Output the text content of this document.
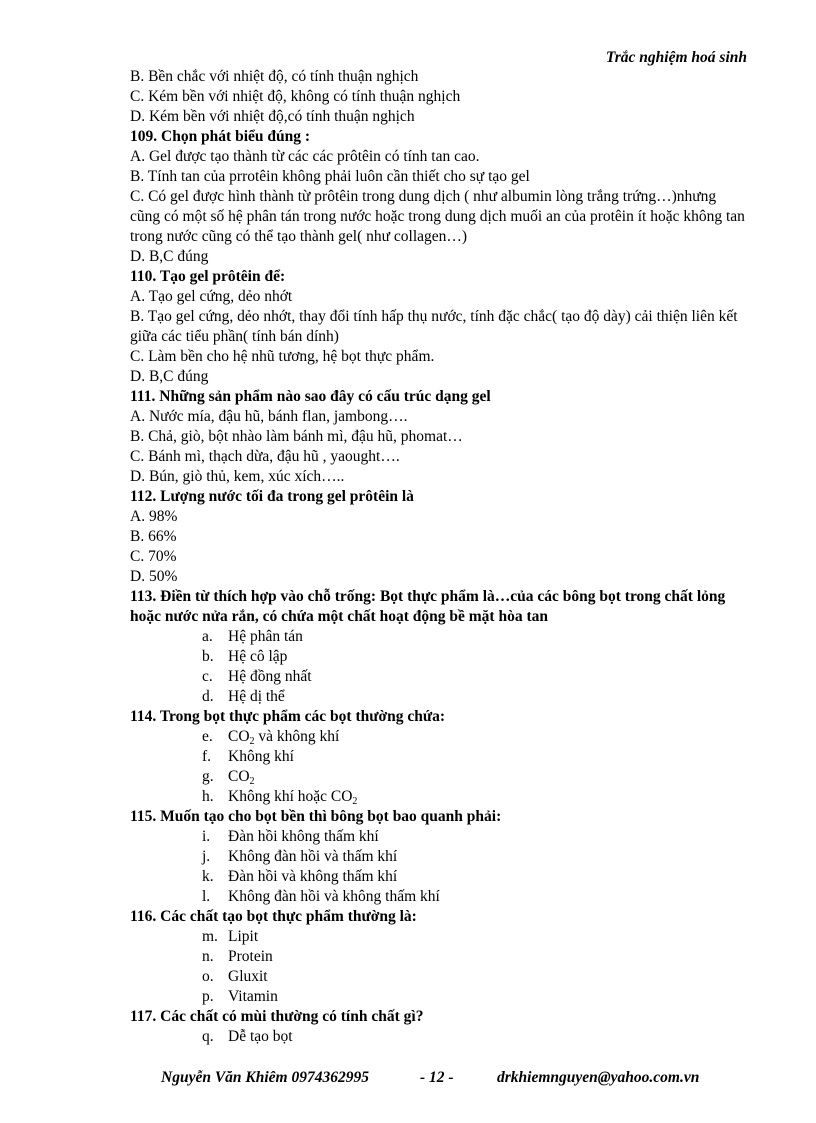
Trắc nghiệm hoá sinh
B. Bền chắc với nhiệt độ, có tính thuận nghịch
C. Kém bền với nhiệt độ, không có tính thuận nghịch
D. Kém bền với nhiệt độ,có tính thuận nghịch
109. Chọn phát biểu đúng :
A. Gel được tạo thành từ các các prôtêin có tính tan cao.
B. Tính tan của prrotêin không phải luôn cần thiết cho sự tạo gel
C. Có gel được hình thành từ prôtêin trong dung dịch ( như albumin lòng trắng trứng…)nhưng cũng có một số hệ phân tán trong nước hoặc trong dung dịch muối an của protêin ít hoặc không tan trong nước cũng có thể tạo thành gel( như collagen…)
D. B,C đúng
110. Tạo gel prôtêin để:
A. Tạo gel cứng, dẻo nhớt
B. Tạo gel cứng, dẻo nhớt, thay đổi tính hấp thụ nước, tính đặc chắc( tạo độ dày) cải thiện liên kết giữa các tiểu phần( tính bán dính)
C. Làm bền cho hệ nhũ tương, hệ bọt thực phẩm.
D. B,C đúng
111. Những sản phẩm nào sao đây có cấu trúc dạng gel
A. Nước mía, đậu hũ, bánh flan, jambong….
B. Chả, giò, bột nhào làm bánh mì, đậu hũ, phomat…
C. Bánh mì, thạch dừa, đậu hũ , yaought….
D. Bún, giò thủ, kem, xúc xích…..
112. Lượng nước tối đa trong gel prôtêin là
A. 98%
B. 66%
C. 70%
D. 50%
113. Điền từ thích hợp vào chỗ trống: Bọt thực phẩm là…của các bông bọt trong chất lỏng hoặc nước nửa rắn, có chứa một chất hoạt động bề mặt hòa tan
a. Hệ phân tán
b. Hệ cô lập
c. Hệ đồng nhất
d. Hệ dị thể
114. Trong bọt thực phẩm các bọt thường chứa:
e. $CO_2$ và không khí
f. Không khí
g. $CO_2$
h. Không khí hoặc $CO_2$
115. Muốn tạo cho bọt bền thì bông bọt bao quanh phải:
i. Đàn hồi không thấm khí
j. Không đàn hồi và thấm khí
k. Đàn hồi và không thấm khí
l. Không đàn hồi và không thấm khí
116. Các chất tạo bọt thực phẩm thường là:
m. Lipit
n. Protein
o. Gluxit
p. Vitamin
117. Các chất có mùi thường có tính chất gì?
q. Dễ tạo bọt
Nguyễn Văn Khiêm 0974362995	- 12 -	drkhiemnguyen@yahoo.com.vn
